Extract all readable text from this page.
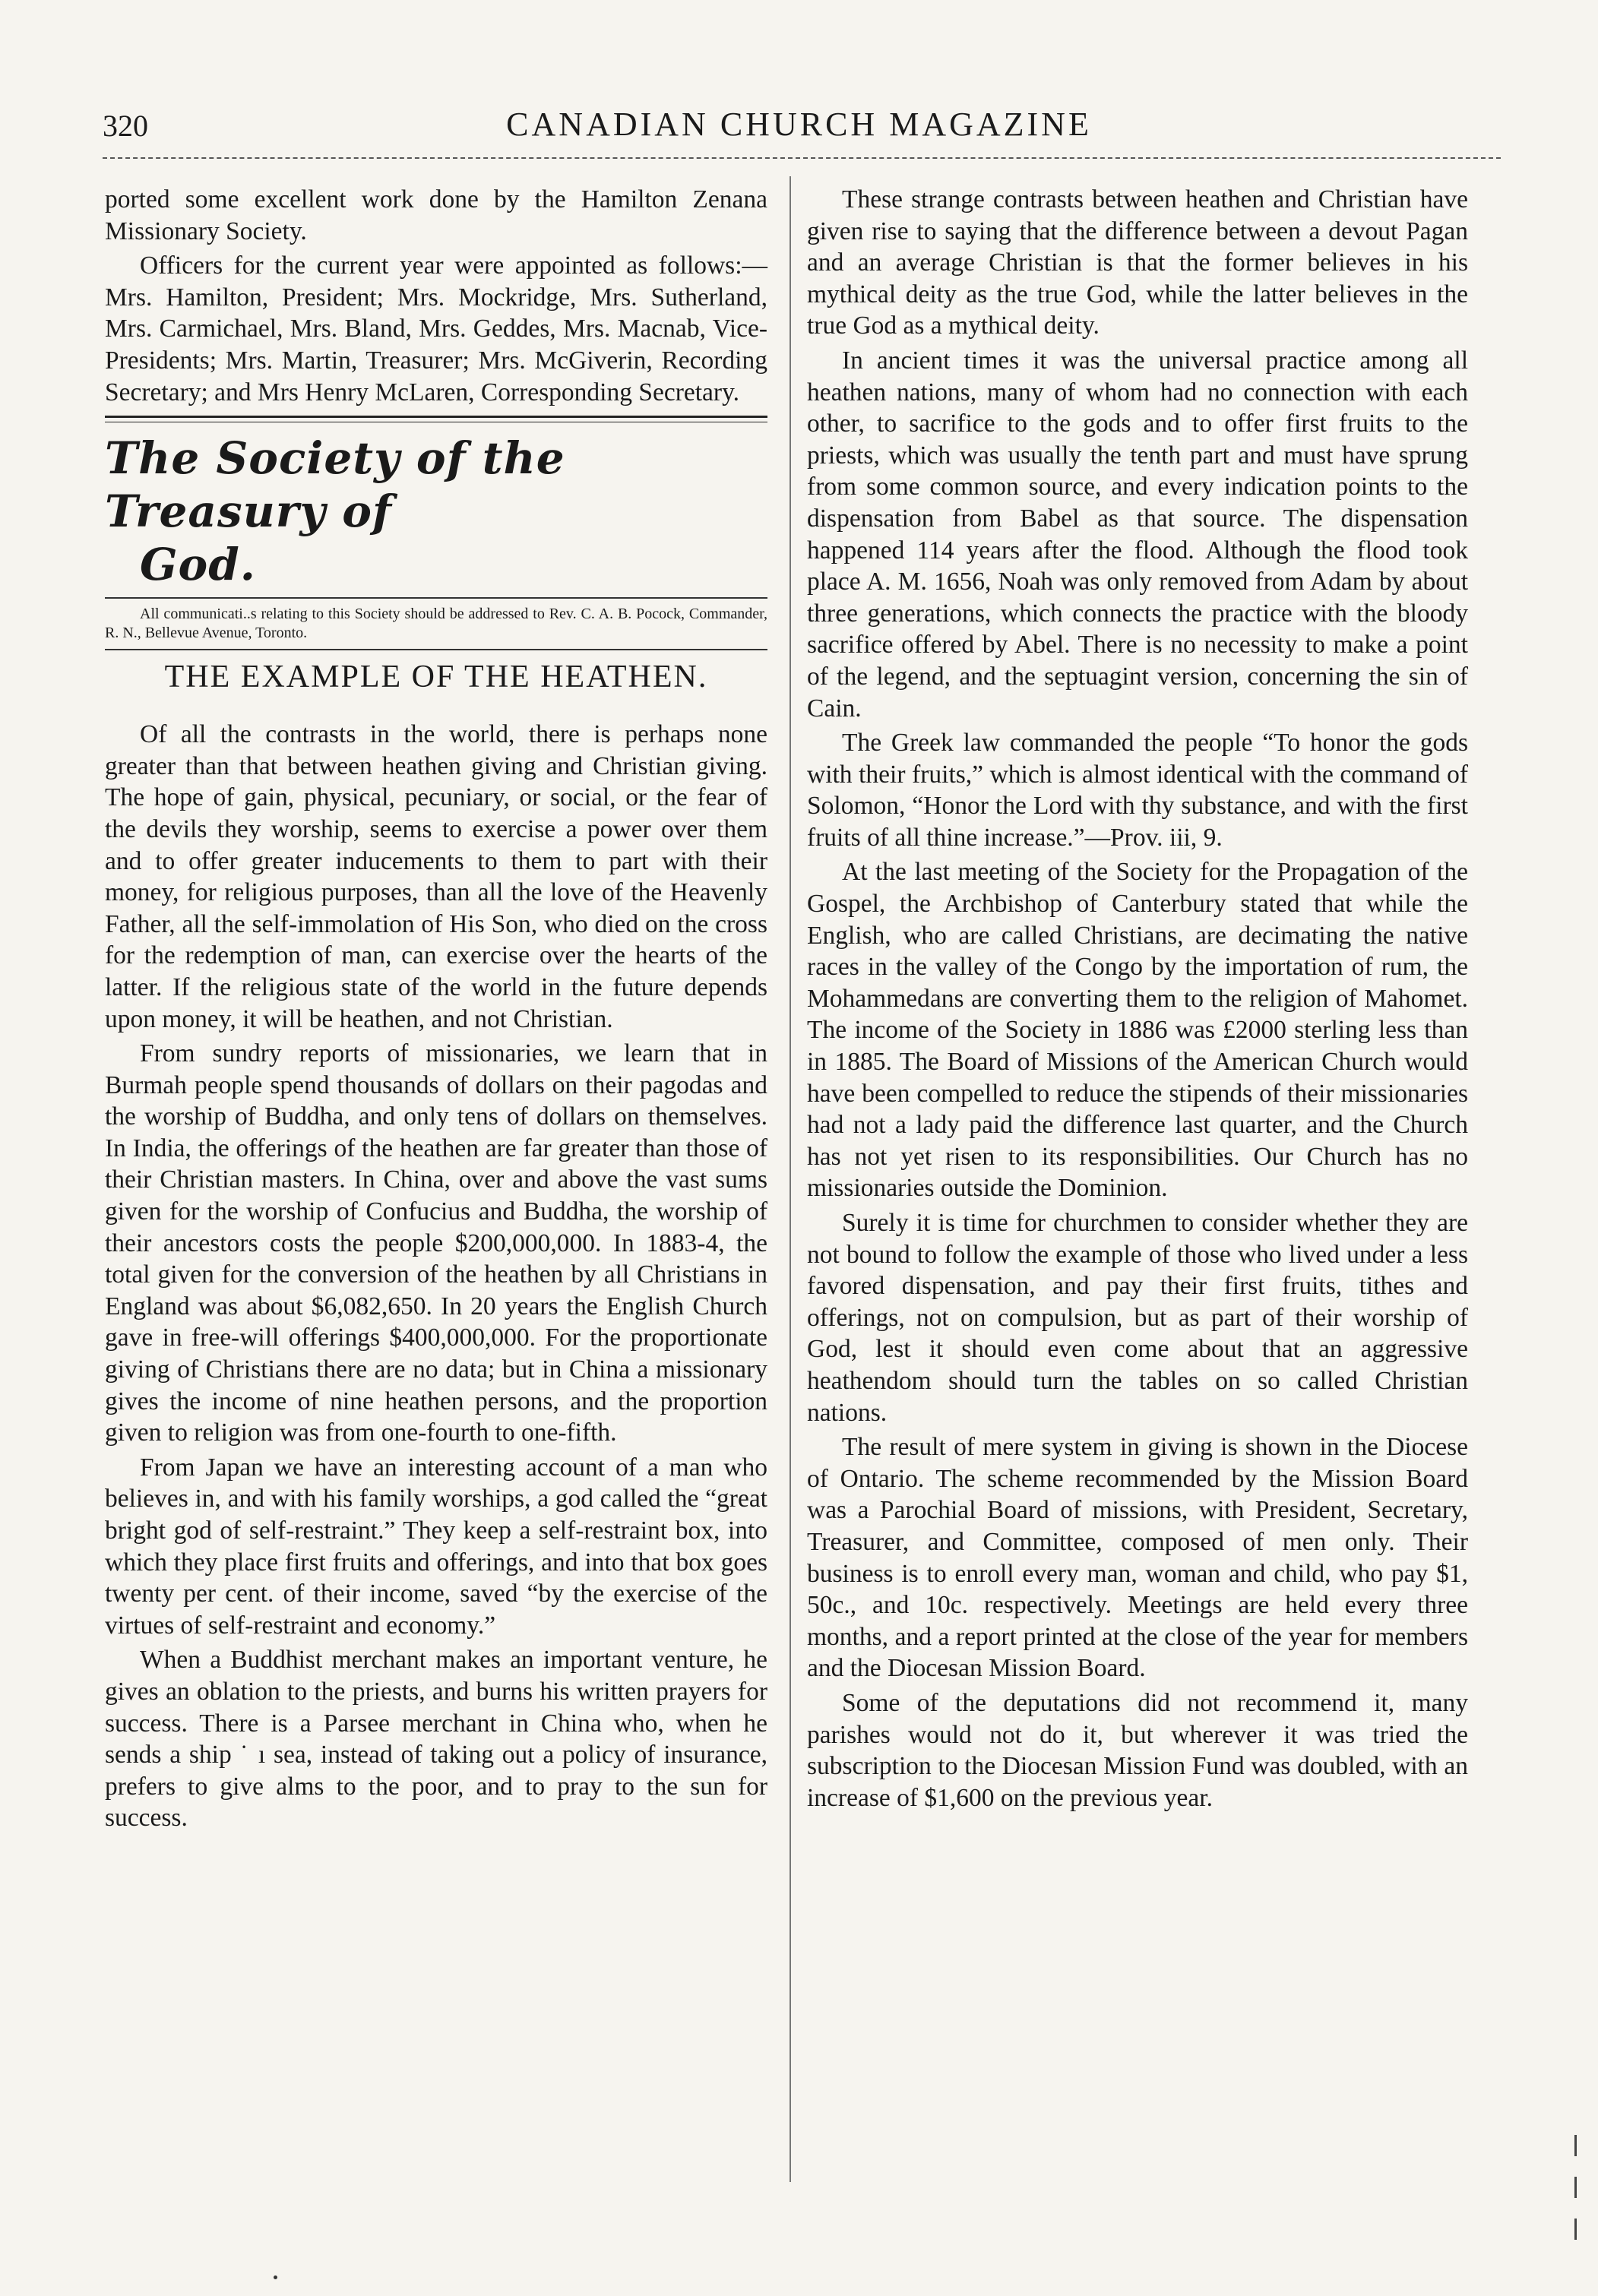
320	CANADIAN CHURCH MAGAZINE

ported some excellent work done by the Hamilton Zenana Missionary Society.

Officers for the current year were appointed as follows:—Mrs. Hamilton, President; Mrs. Mockridge, Mrs. Sutherland, Mrs. Carmichael, Mrs. Bland, Mrs. Geddes, Mrs. Macnab, Vice-Presidents; Mrs. Martin, Treasurer; Mrs. McGiverin, Recording Secretary; and Mrs Henry McLaren, Corresponding Secretary.

The Society of the Treasury of
God.

All communicati..s relating to this Society should be addressed to Rev. C. A. B. Pocock, Commander, R. N., Bellevue Avenue, Toronto.

THE EXAMPLE OF THE HEATHEN.

Of all the contrasts in the world, there is perhaps none greater than that between heathen giving and Christian giving. The hope of gain, physical, pecuniary, or social, or the fear of the devils they worship, seems to exercise a power over them and to offer greater inducements to them to part with their money, for religious purposes, than all the love of the Heavenly Father, all the self-immolation of His Son, who died on the cross for the redemption of man, can exercise over the hearts of the latter. If the religious state of the world in the future depends upon money, it will be heathen, and not Christian.

From sundry reports of missionaries, we learn that in Burmah people spend thousands of dollars on their pagodas and the worship of Buddha, and only tens of dollars on themselves. In India, the offerings of the heathen are far greater than those of their Christian masters. In China, over and above the vast sums given for the worship of Confucius and Buddha, the worship of their ancestors costs the people $200,000,000. In 1883-4, the total given for the conversion of the heathen by all Christians in England was about $6,082,650. In 20 years the English Church gave in free-will offerings $400,000,000. For the proportionate giving of Christians there are no data; but in China a missionary gives the income of nine heathen persons, and the proportion given to religion was from one-fourth to one-fifth.

From Japan we have an interesting account of a man who believes in, and with his family worships, a god called the “great bright god of self-restraint.” They keep a self-restraint box, into which they place first fruits and offerings, and into that box goes twenty per cent. of their income, saved “by the exercise of the virtues of self-restraint and economy.”

When a Buddhist merchant makes an important venture, he gives an oblation to the priests, and burns his written prayers for success. There is a Parsee merchant in China who, when he sends a ship ˙ ı sea, instead of taking out a policy of insurance, prefers to give alms to the poor, and to pray to the sun for success.

These strange contrasts between heathen and Christian have given rise to saying that the difference between a devout Pagan and an average Christian is that the former believes in his mythical deity as the true God, while the latter believes in the true God as a mythical deity.

In ancient times it was the universal practice among all heathen nations, many of whom had no connection with each other, to sacrifice to the gods and to offer first fruits to the priests, which was usually the tenth part and must have sprung from some common source, and every indication points to the dispensation from Babel as that source. The dispensation happened 114 years after the flood. Although the flood took place A. M. 1656, Noah was only removed from Adam by about three generations, which connects the practice with the bloody sacrifice offered by Abel. There is no necessity to make a point of the legend, and the septuagint version, concerning the sin of Cain.

The Greek law commanded the people “To honor the gods with their fruits,” which is almost identical with the command of Solomon, “Honor the Lord with thy substance, and with the first fruits of all thine increase.”—Prov. iii, 9.

At the last meeting of the Society for the Propagation of the Gospel, the Archbishop of Canterbury stated that while the English, who are called Christians, are decimating the native races in the valley of the Congo by the importation of rum, the Mohammedans are converting them to the religion of Mahomet. The income of the Society in 1886 was £2000 sterling less than in 1885. The Board of Missions of the American Church would have been compelled to reduce the stipends of their missionaries had not a lady paid the difference last quarter, and the Church has not yet risen to its responsibilities. Our Church has no missionaries outside the Dominion.

Surely it is time for churchmen to consider whether they are not bound to follow the example of those who lived under a less favored dispensation, and pay their first fruits, tithes and offerings, not on compulsion, but as part of their worship of God, lest it should even come about that an aggressive heathendom should turn the tables on so called Christian nations.

The result of mere system in giving is shown in the Diocese of Ontario. The scheme recommended by the Mission Board was a Parochial Board of missions, with President, Secretary, Treasurer, and Committee, composed of men only. Their business is to enroll every man, woman and child, who pay $1, 50c., and 10c. respectively. Meetings are held every three months, and a report printed at the close of the year for members and the Diocesan Mission Board.

Some of the deputations did not recommend it, many parishes would not do it, but wherever it was tried the subscription to the Diocesan Mission Fund was doubled, with an increase of $1,600 on the previous year.
